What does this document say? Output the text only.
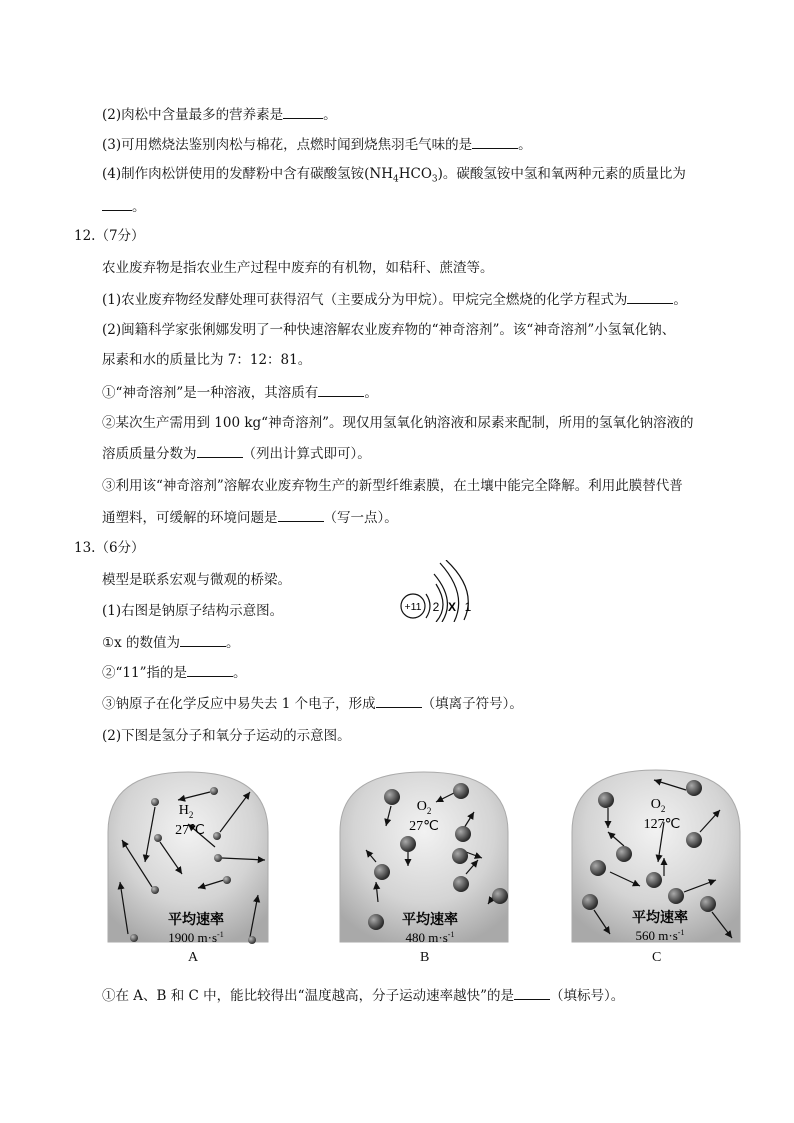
(2)肉松中含量最多的营养素是	。
(3)可用燃烧法鉴别肉松与棉花，点燃时闻到烧焦羽毛气味的是	。
(4)制作肉松饼使用的发酵粉中含有碳酸氢铵$(NH_4HCO_3)$。碳酸氢铵中氢和氧两种元素的质量比为
。
12.（7分）
农业废弃物是指农业生产过程中废弃的有机物，如秸秆、蔗渣等。
(1)农业废弃物经发酵处理可获得沼气（主要成分为甲烷）。甲烷完全燃烧的化学方程式为	。
(2)闽籍科学家张俐娜发明了一种快速溶解农业废弃物的“神奇溶剂”。该“神奇溶剂”小氢氧化钠、
尿素和水的质量比为 7：12：81。
①“神奇溶剂”是一种溶液，其溶质有	。
②某次生产需用到 100 kg“神奇溶剂”。现仅用氢氧化钠溶液和尿素来配制，所用的氢氧化钠溶液的
溶质质量分数为	（列出计算式即可）。
③利用该“神奇溶剂”溶解农业废弃物生产的新型纤维素膜，在土壤中能完全降解。利用此膜替代普
通塑料，可缓解的环境问题是	（写一点）。
13.（6分）
模型是联系宏观与微观的桥梁。
(1)右图是钠原子结构示意图。
①x 的数值为	。
②“11”指的是	。
③钠原子在化学反应中易失去 1 个电子，形成	（填离子符号）。
(2)下图是氢分子和氧分子运动的示意图。
+11 2 X 1
$H_2$
27℃
平均速率
1900 $m\cdot s^{-1}$
$O_2$
27℃
平均速率
480 $m\cdot s^{-1}$
$O_2$
127℃
平均速率
560 $m\cdot s^{-1}$
A	B	C
①在 A、B 和 C 中，能比较得出“温度越高，分子运动速率越快”的是	（填标号）。
